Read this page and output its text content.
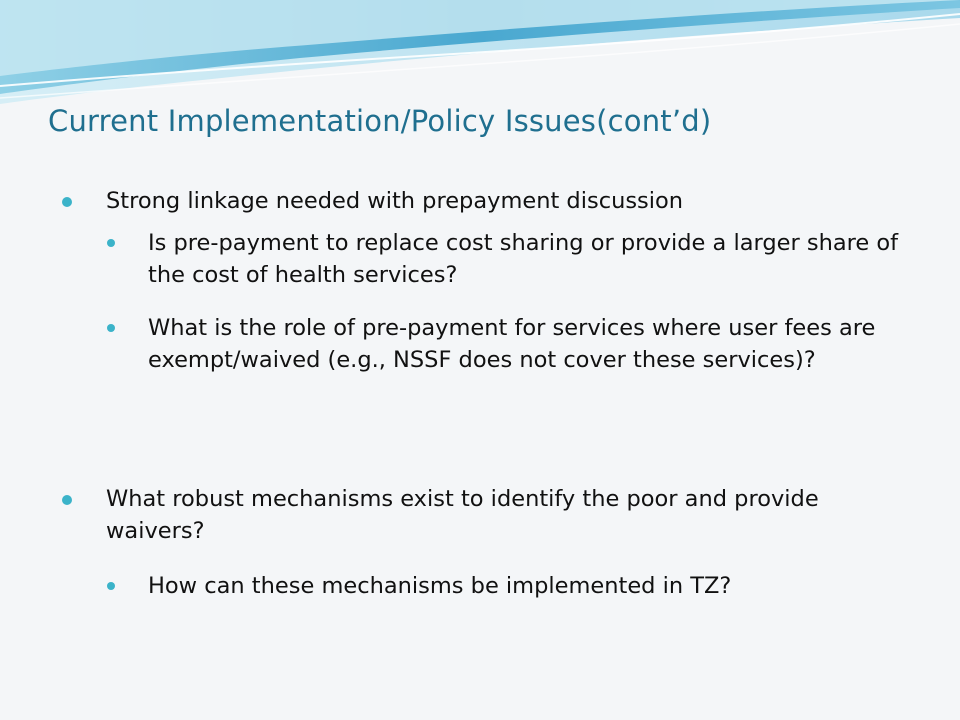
Current Implementation/Policy Issues(cont’d)
Strong linkage needed with prepayment discussion
Is pre-payment to replace cost sharing or provide a larger share of the cost of health services?
What is the role of pre-payment for services where user fees are exempt/waived (e.g., NSSF does not cover these services)?
What robust mechanisms exist to identify the poor and provide waivers?
How can these mechanisms be implemented in TZ?
